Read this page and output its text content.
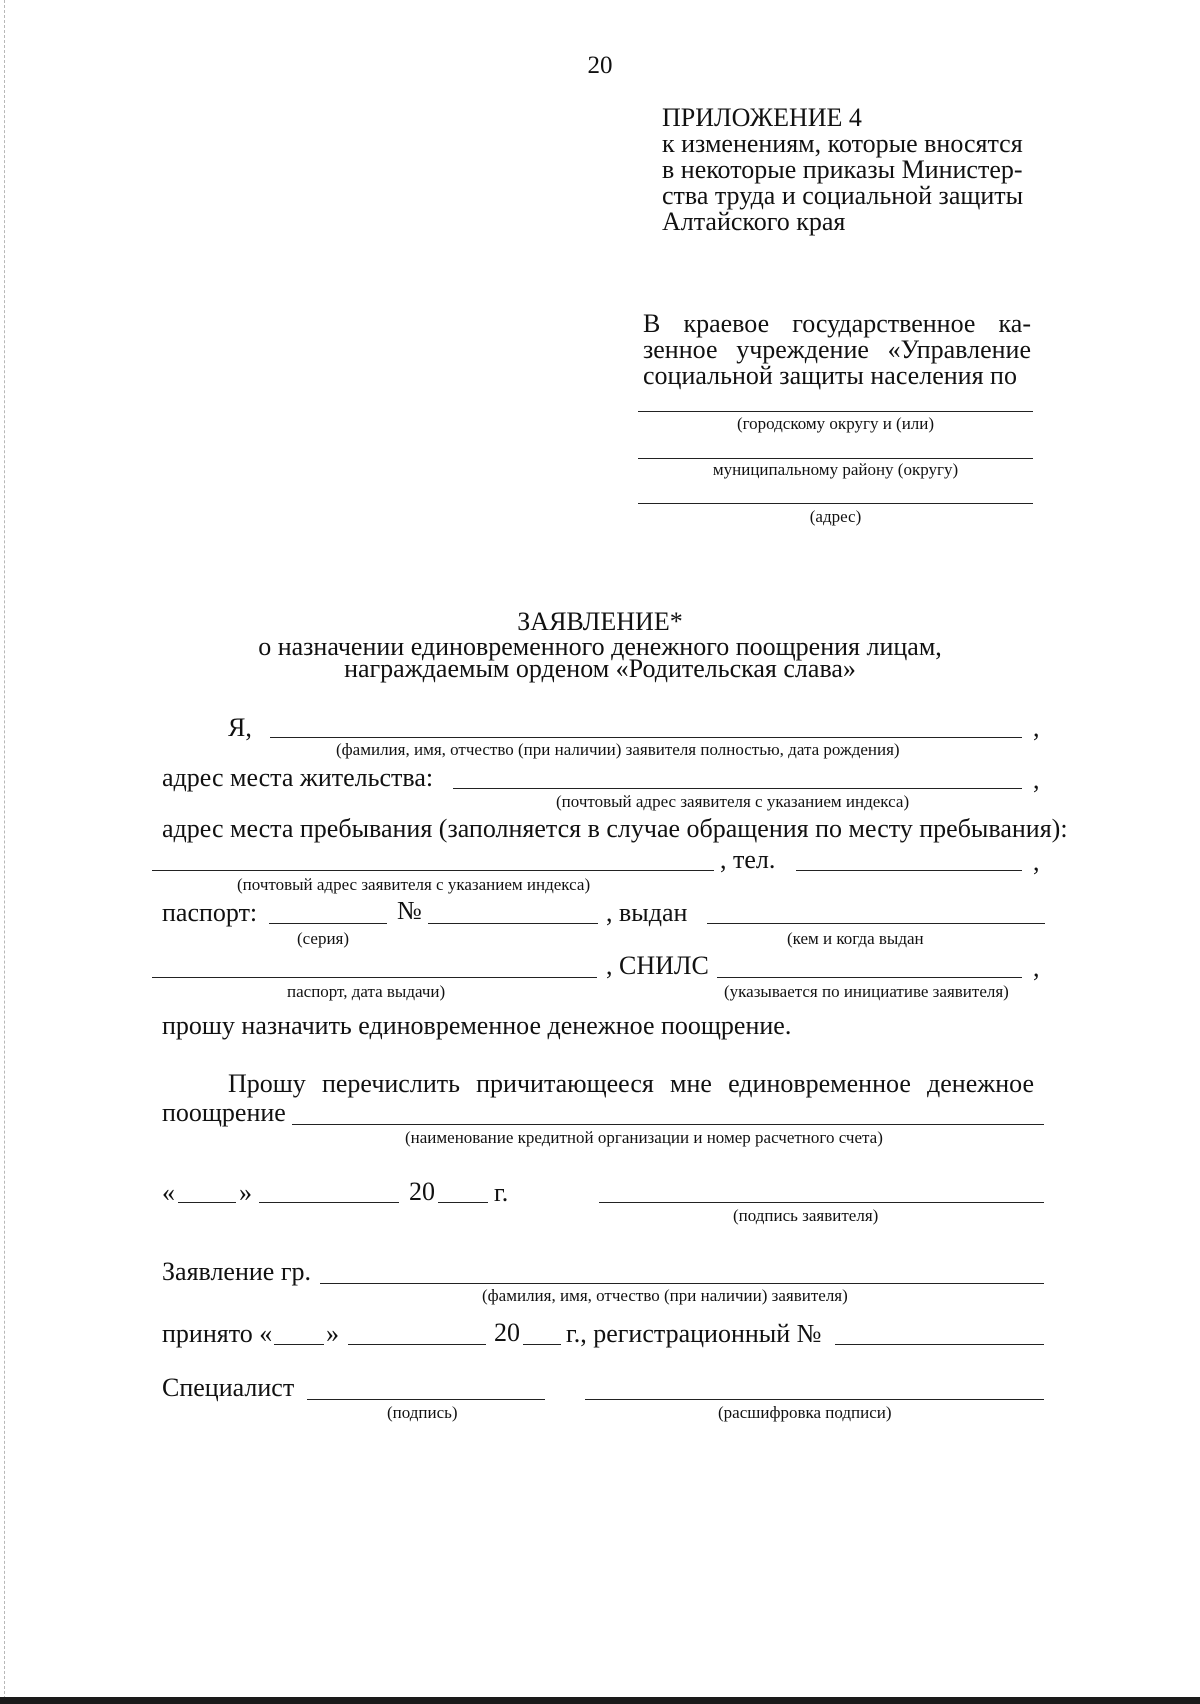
20
ПРИЛОЖЕНИЕ 4
к изменениям, которые вносятся
в некоторые приказы Министер-
ства труда и социальной защиты
Алтайского края
В краевое государственное ка-
зенное учреждение «Управление
социальной защиты населения по
(городскому округу и (или)
муниципальному району (округу)
(адрес)
ЗАЯВЛЕНИЕ*
о назначении единовременного денежного поощрения лицам,
награждаемым орденом «Родительская слава»
Я,	,
(фамилия, имя, отчество (при наличии) заявителя полностью, дата рождения)
адрес места жительства:	,
(почтовый адрес заявителя с указанием индекса)
адрес места пребывания (заполняется в случае обращения по месту пребывания):
, тел.	,
(почтовый адрес заявителя с указанием индекса)
паспорт:	№	, выдан
(серия)	(кем и когда выдан
, СНИЛС	,
паспорт, дата выдачи)	(указывается по инициативе заявителя)
прошу назначить единовременное денежное поощрение.
Прошу перечислить причитающееся мне единовременное денежное
поощрение
(наименование кредитной организации и номер расчетного счета)
« »	20 г.
(подпись заявителя)
Заявление гр.
(фамилия, имя, отчество (при наличии) заявителя)
принято « »	20 г., регистрационный №
Специалист
(подпись)	(расшифровка подписи)
